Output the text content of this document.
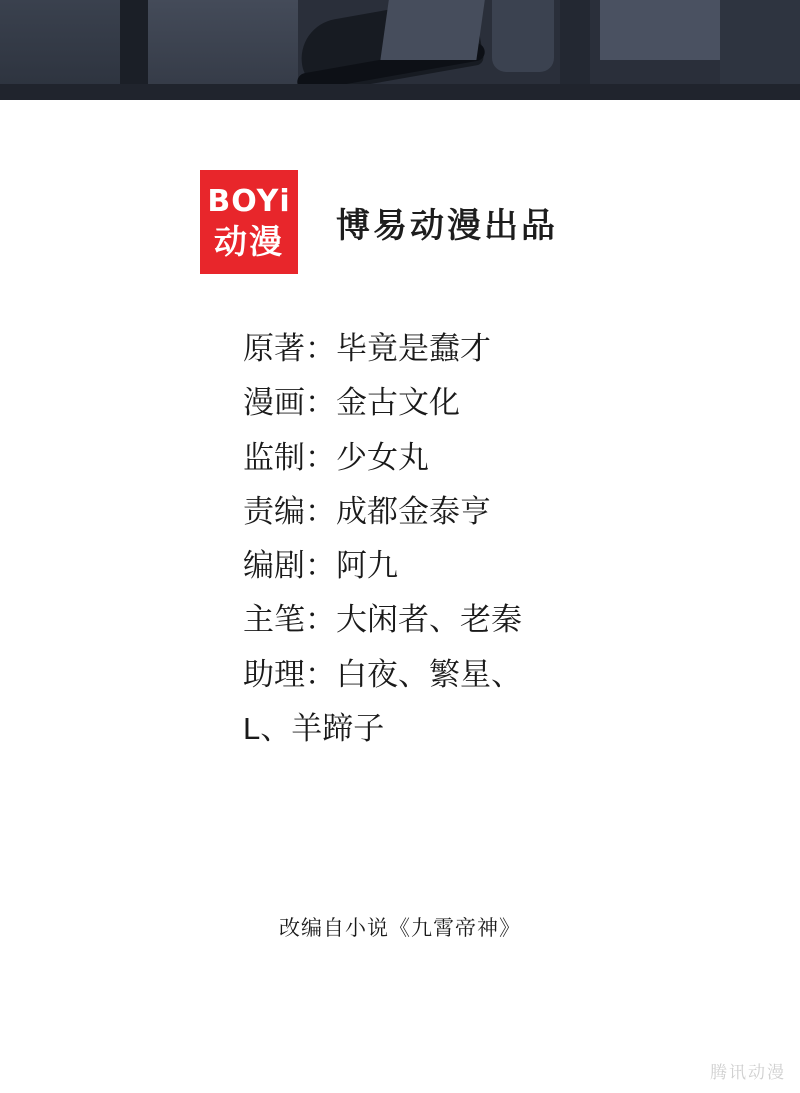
BOYi
动漫 博易动漫出品
原著：毕竟是蠢才
漫画：金古文化
监制：少女丸
责编：成都金泰亨
编剧：阿九
主笔：大闲者、老秦
助理：白夜、繁星、
L、羊蹄子
改编自小说《九霄帝神》
腾讯动漫
